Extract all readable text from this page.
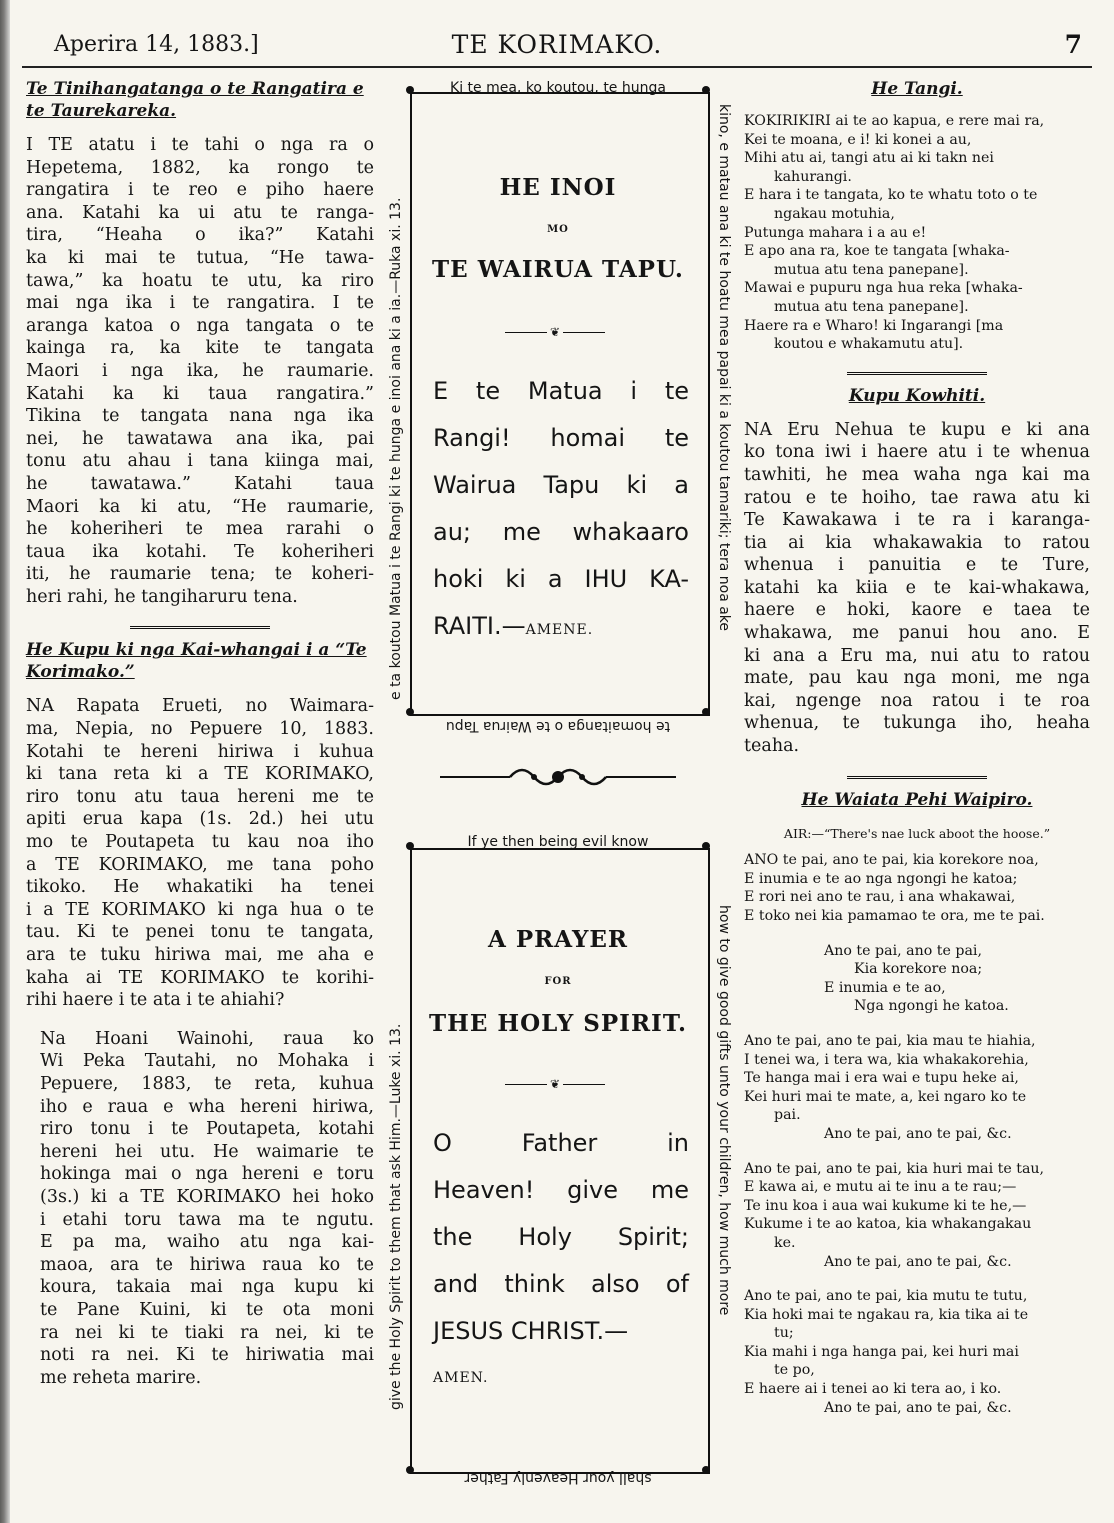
Aperira 14, 1883.]	TE KORIMAKO.	7
Te Tinihangatanga o te Rangatira e te Taurekareka.
I TE atatu i te tahi o nga ra o
Hepetema, 1882, ka rongo te
rangatira i te reo e piho haere
ana. Katahi ka ui atu te ranga-
tira, “Heaha o ika?” Katahi
ka ki mai te tutua, “He tawa-
tawa,” ka hoatu te utu, ka riro
mai nga ika i te rangatira. I te
aranga katoa o nga tangata o te
kainga ra, ka kite te tangata
Maori i nga ika, he raumarie.
Katahi ka ki taua rangatira.”
Tikina te tangata nana nga ika
nei, he tawatawa ana ika, pai
tonu atu ahau i tana kiinga mai,
he tawatawa.” Katahi taua
Maori ka ki atu, “He raumarie,
he koheriheri te mea rarahi o
taua ika kotahi. Te koheriheri
iti, he raumarie tena; te koheri-
heri rahi, he tangiharuru tena.
He Kupu ki nga Kai-whangai i a “Te Korimako.”
NA Rapata Erueti, no Waimara-
ma, Nepia, no Pepuere 10, 1883.
Kotahi te hereni hiriwa i kuhua
ki tana reta ki a TE KORIMAKO,
riro tonu atu taua hereni me te
apiti erua kapa (1s. 2d.) hei utu
mo te Poutapeta tu kau noa iho
a TE KORIMAKO, me tana poho
tikoko. He whakatiki ha tenei
i a TE KORIMAKO ki nga hua o te
tau. Ki te penei tonu te tangata,
ara te tuku hiriwa mai, me aha e
kaha ai TE KORIMAKO te korihi-
rihi haere i te ata i te ahiahi?
Na Hoani Wainohi, raua ko
Wi Peka Tautahi, no Mohaka i
Pepuere, 1883, te reta, kuhua
iho e raua e wha hereni hiriwa,
riro tonu i te Poutapeta, kotahi
hereni hei utu. He waimarie te
hokinga mai o nga hereni e toru
(3s.) ki a TE KORIMAKO hei hoko
i etahi toru tawa ma te ngutu.
E pa ma, waiho atu nga kai-
maoa, ara te hiriwa raua ko te
koura, takaia mai nga kupu ki
te Pane Kuini, ki te ota moni
ra nei ki te tiaki ra nei, ki te
noti ra nei. Ki te hiriwatia mai
me reheta marire.
Ki te mea, ko koutou, te hunga
e ta koutou Matua i te Rangi ki te hunga e inoi ana ki a ia.—Ruka xi. 13.	kino, e matau ana ki te hoatu mea papai ki a koutou tamariki; tera noa ake
te homaitanga o te Wairua Tapu
HE INOI
MO
TE WAIRUA TAPU.
❦
E te Matua i te
Rangi! homai te
Wairua Tapu ki a
au; me whakaaro
hoki ki a IHU KA-
RAITI.—AMENE.
If ye then being evil know
give the Holy Spirit to them that ask Him.—Luke xi. 13.	how to give good gifts unto your children, how much more
shall your Heavenly Father
A PRAYER
FOR
THE HOLY SPIRIT.
❦
O Father in
Heaven! give me
the Holy Spirit;
and think also of
JESUS CHRIST.—
AMEN.
He Tangi.
KOKIRIKIRI ai te ao kapua, e rere mai ra,
Kei te moana, e i! ki konei a au,
Mihi atu ai, tangi atu ai ki takn nei
kahurangi.
E hara i te tangata, ko te whatu toto o te
ngakau motuhia,
Putunga mahara i a au e!
E apo ana ra, koe te tangata [whaka-
mutua atu tena panepane].
Mawai e pupuru nga hua reka [whaka-
mutua atu tena panepane].
Haere ra e Wharo! ki Ingarangi [ma
koutou e whakamutu atu].
Kupu Kowhiti.
NA Eru Nehua te kupu e ki ana
ko tona iwi i haere atu i te whenua
tawhiti, he mea waha nga kai ma
ratou e te hoiho, tae rawa atu ki
Te Kawakawa i te ra i karanga-
tia ai kia whakawakia to ratou
whenua i panuitia e te Ture,
katahi ka kiia e te kai-whakawa,
haere e hoki, kaore e taea te
whakawa, me panui hou ano. E
ki ana a Eru ma, nui atu to ratou
mate, pau kau nga moni, me nga
kai, ngenge noa ratou i te roa
whenua, te tukunga iho, heaha
teaha.
He Waiata Pehi Waipiro.
AIR:—“There's nae luck aboot the hoose.”
ANO te pai, ano te pai, kia korekore noa,
E inumia e te ao nga ngongi he katoa;
E rori nei ano te rau, i ana whakawai,
E toko nei kia pamamao te ora, me te pai.
Ano te pai, ano te pai,
Kia korekore noa;
E inumia e te ao,
Nga ngongi he katoa.
Ano te pai, ano te pai, kia mau te hiahia,
I tenei wa, i tera wa, kia whakakorehia,
Te hanga mai i era wai e tupu heke ai,
Kei huri mai te mate, a, kei ngaro ko te
pai.
Ano te pai, ano te pai, &c.
Ano te pai, ano te pai, kia huri mai te tau,
E kawa ai, e mutu ai te inu a te rau;—
Te inu koa i aua wai kukume ki te he,—
Kukume i te ao katoa, kia whakangakau
ke.
Ano te pai, ano te pai, &c.
Ano te pai, ano te pai, kia mutu te tutu,
Kia hoki mai te ngakau ra, kia tika ai te
tu;
Kia mahi i nga hanga pai, kei huri mai
te po,
E haere ai i tenei ao ki tera ao, i ko.
Ano te pai, ano te pai, &c.
